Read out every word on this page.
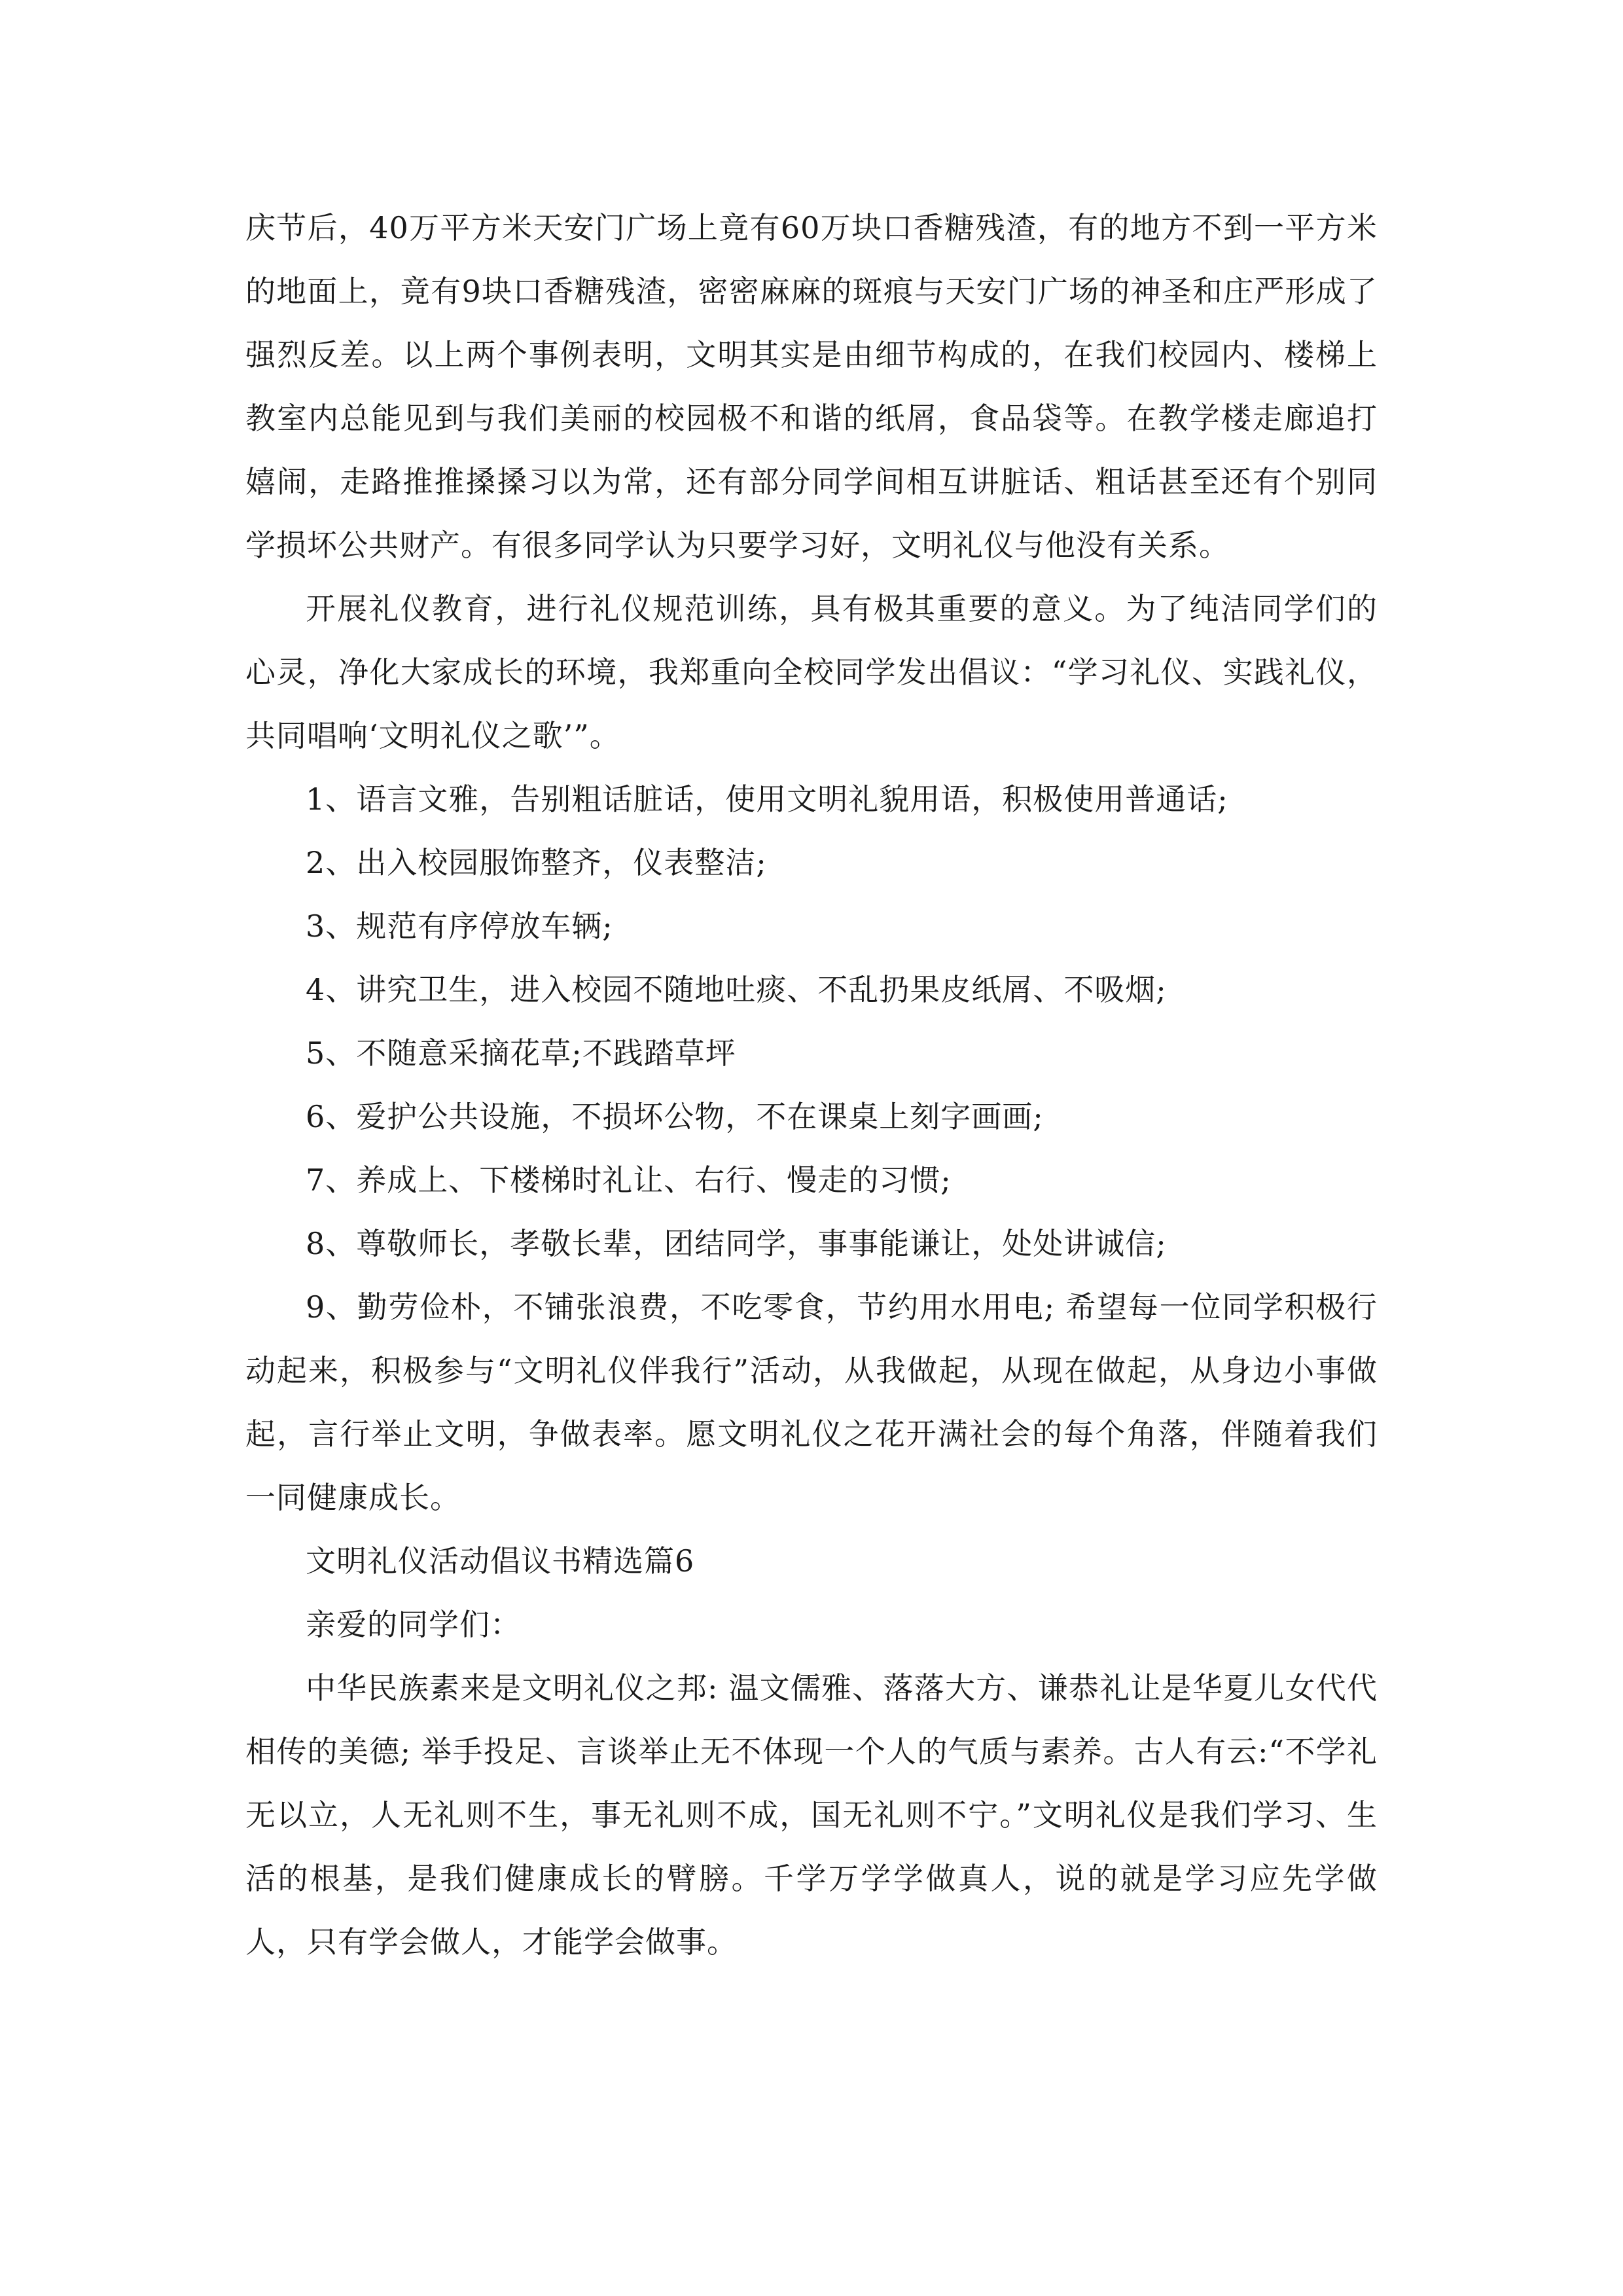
庆节后，40万平方米天安门广场上竟有60万块口香糖残渣，有的地方不到一平方米的地面上，竟有9块口香糖残渣，密密麻麻的斑痕与天安门广场的神圣和庄严形成了强烈反差。以上两个事例表明，文明其实是由细节构成的，在我们校园内、楼梯上教室内总能见到与我们美丽的校园极不和谐的纸屑，食品袋等。在教学楼走廊追打嬉闹，走路推推搡搡习以为常，还有部分同学间相互讲脏话、粗话甚至还有个别同学损坏公共财产。有很多同学认为只要学习好，文明礼仪与他没有关系。

开展礼仪教育，进行礼仪规范训练，具有极其重要的意义。为了纯洁同学们的心灵，净化大家成长的环境，我郑重向全校同学发出倡议：“学习礼仪、实践礼仪，共同唱响‘文明礼仪之歌’”。

1、语言文雅，告别粗话脏话，使用文明礼貌用语，积极使用普通话;

2、出入校园服饰整齐，仪表整洁;

3、规范有序停放车辆;

4、讲究卫生，进入校园不随地吐痰、不乱扔果皮纸屑、不吸烟;

5、不随意采摘花草;不践踏草坪

6、爱护公共设施，不损坏公物，不在课桌上刻字画画;

7、养成上、下楼梯时礼让、右行、慢走的习惯;

8、尊敬师长，孝敬长辈，团结同学，事事能谦让，处处讲诚信;

9、勤劳俭朴，不铺张浪费，不吃零食，节约用水用电; 希望每一位同学积极行动起来，积极参与“文明礼仪伴我行”活动，从我做起，从现在做起，从身边小事做起，言行举止文明，争做表率。愿文明礼仪之花开满社会的每个角落，伴随着我们一同健康成长。

文明礼仪活动倡议书精选篇6

亲爱的同学们：

中华民族素来是文明礼仪之邦: 温文儒雅、落落大方、谦恭礼让是华夏儿女代代相传的美德; 举手投足、言谈举止无不体现一个人的气质与素养。古人有云:“不学礼无以立，人无礼则不生，事无礼则不成，国无礼则不宁。”文明礼仪是我们学习、生活的根基，是我们健康成长的臂膀。千学万学学做真人，说的就是学习应先学做人，只有学会做人，才能学会做事。
